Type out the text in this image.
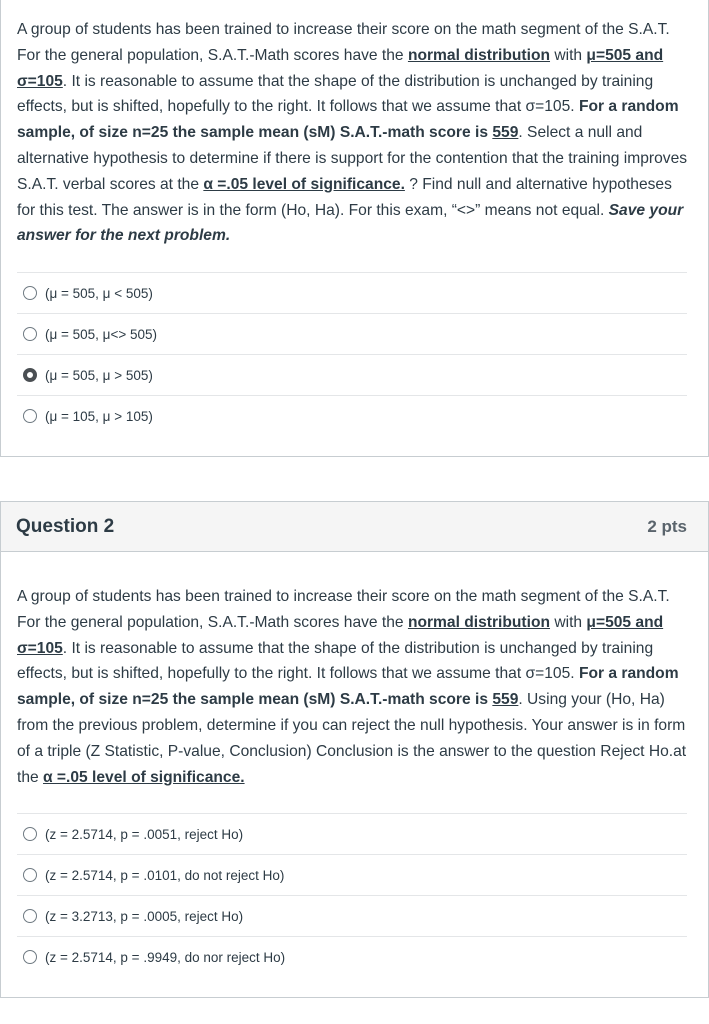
A group of students has been trained to increase their score on the math segment of the S.A.T. For the general population, S.A.T.-Math scores have the normal distribution with μ=505 and σ=105. It is reasonable to assume that the shape of the distribution is unchanged by training effects, but is shifted, hopefully to the right. It follows that we assume that σ=105. For a random sample, of size n=25 the sample mean (sM) S.A.T.-math score is 559. Select a null and alternative hypothesis to determine if there is support for the contention that the training improves S.A.T. verbal scores at the α =.05 level of significance. ? Find null and alternative hypotheses for this test. The answer is in the form (Ho, Ha). For this exam, “<>” means not equal. Save your answer for the next problem.
(μ = 505, μ < 505)
(μ = 505, μ<> 505)
(μ = 505, μ > 505)
(μ = 105, μ > 105)
Question 2	2 pts
A group of students has been trained to increase their score on the math segment of the S.A.T. For the general population, S.A.T.-Math scores have the normal distribution with μ=505 and σ=105. It is reasonable to assume that the shape of the distribution is unchanged by training effects, but is shifted, hopefully to the right. It follows that we assume that σ=105. For a random sample, of size n=25 the sample mean (sM) S.A.T.-math score is 559. Using your (Ho, Ha) from the previous problem, determine if you can reject the null hypothesis. Your answer is in form of a triple (Z Statistic, P-value, Conclusion) Conclusion is the answer to the question Reject Ho.at the α =.05 level of significance.
(z = 2.5714, p = .0051, reject Ho)
(z = 2.5714, p = .0101, do not reject Ho)
(z = 3.2713, p = .0005, reject Ho)
(z = 2.5714, p = .9949, do nor reject Ho)
